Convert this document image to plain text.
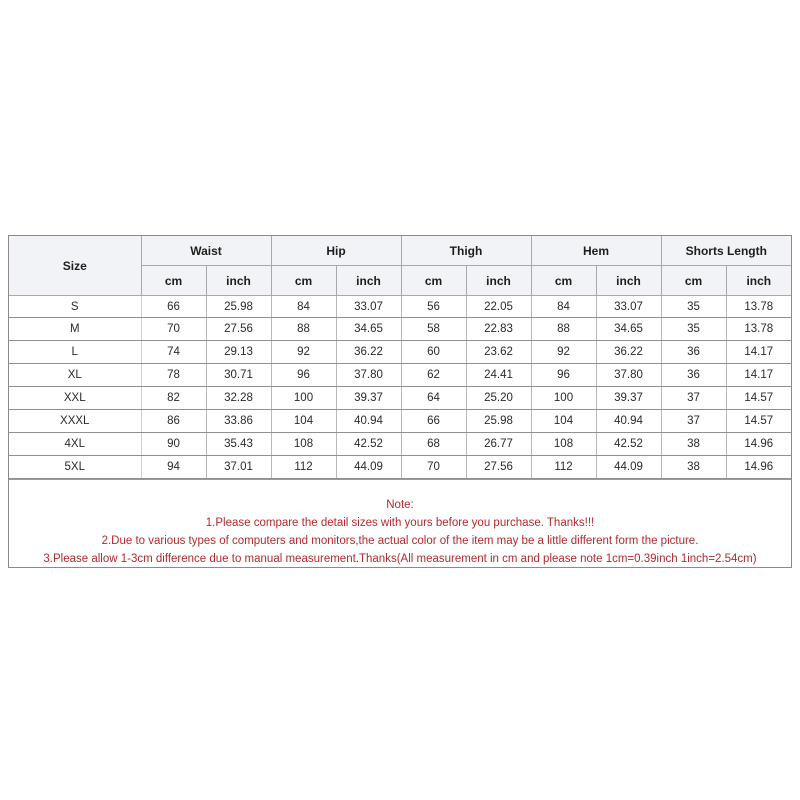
Size	Waist		Hip		Thigh		Hem		Shorts Length	
	cm	inch	cm	inch	cm	inch	cm	inch	cm	inch
S	66	25.98	84	33.07	56	22.05	84	33.07	35	13.78
M	70	27.56	88	34.65	58	22.83	88	34.65	35	13.78
L	74	29.13	92	36.22	60	23.62	92	36.22	36	14.17
XL	78	30.71	96	37.80	62	24.41	96	37.80	36	14.17
XXL	82	32.28	100	39.37	64	25.20	100	39.37	37	14.57
XXXL	86	33.86	104	40.94	66	25.98	104	40.94	37	14.57
4XL	90	35.43	108	42.52	68	26.77	108	42.52	38	14.96
5XL	94	37.01	112	44.09	70	27.56	112	44.09	38	14.96
Note:
1.Please compare the detail sizes with yours before you purchase. Thanks!!!
2.Due to various types of computers and monitors,the actual color of the item may be a little different form the picture.
3.Please allow 1-3cm difference due to manual measurement.Thanks(All measurement in cm and please note 1cm=0.39inch 1inch=2.54cm)
